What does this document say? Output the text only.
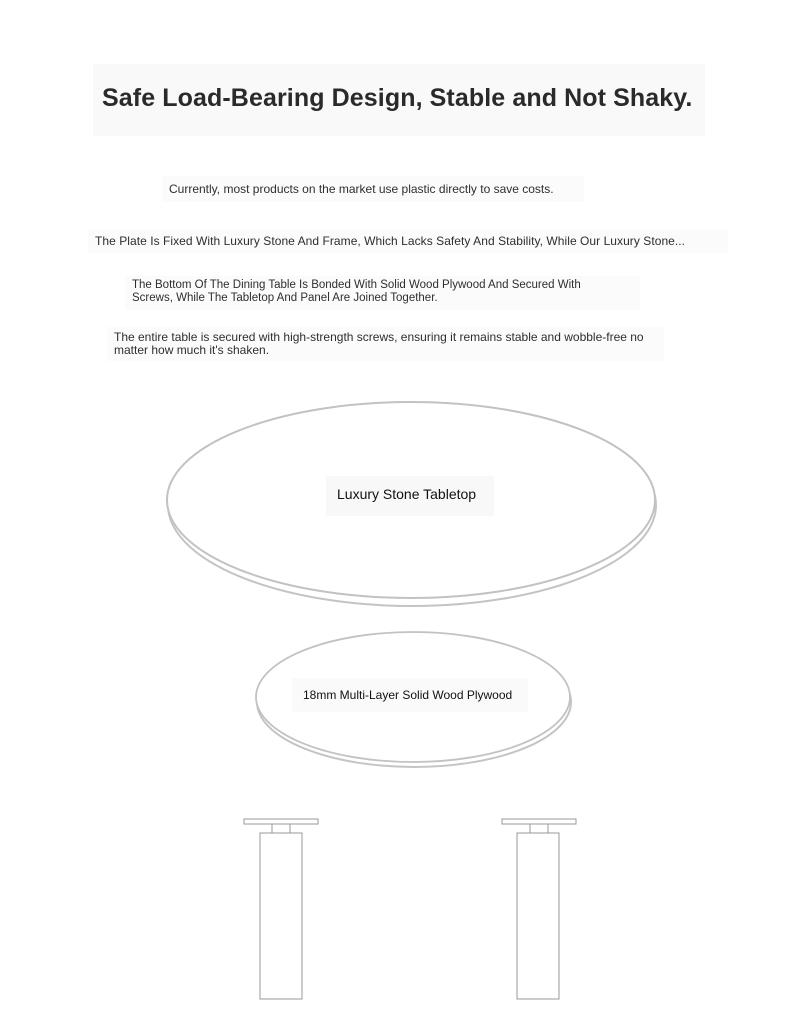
Safe Load-Bearing Design, Stable and Not Shaky.
Currently, most products on the market use plastic directly to save costs.
The Plate Is Fixed With Luxury Stone And Frame, Which Lacks Safety And Stability, While Our Luxury Stone...
The Bottom Of The Dining Table Is Bonded With Solid Wood Plywood And Secured With Screws, While The Tabletop And Panel Are Joined Together.
The entire table is secured with high-strength screws, ensuring it remains stable and wobble-free no matter how much it's shaken.
Luxury Stone Tabletop
18mm Multi-Layer Solid Wood Plywood
